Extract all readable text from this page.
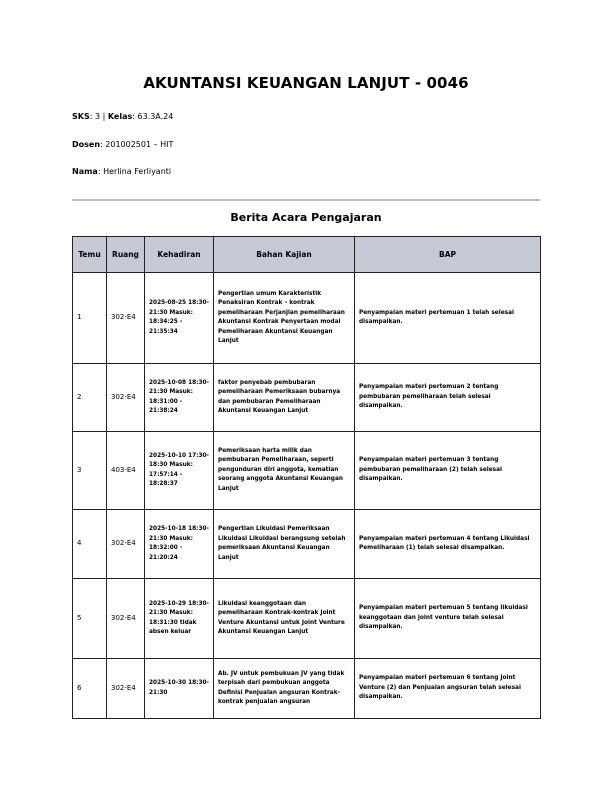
AKUNTANSI KEUANGAN LANJUT - 0046
SKS: 3 | Kelas: 63.3A.24
Dosen: 201002501 – HIT
Nama: Herlina Ferliyanti
Berita Acara Pengajaran
Temu	Ruang	Kehadiran	Bahan Kajian	BAP
1	302-E4	2025-08-25 18:30-21:30 Masuk: 18:34:25 - 21:35:34	Pengertian umum Karakteristik Penaksiran Kontrak – kontrak pemeliharaan Perjanjian pemeliharaan Akuntansi Kontrak Penyertaan modal Pemeliharaan Akuntansi Keuangan Lanjut	Penyampaian materi pertemuan 1 telah selesai disampaikan.
2	302-E4	2025-10-08 18:30-21:30 Masuk: 18:31:00 - 21:38:24	faktor penyebab pembubaran pemeliharaan Pemeriksaan bubarnya dan pembubaran Pemeliharaan Akuntansi Keuangan Lanjut	Penyampaian materi pertemuan 2 tentang pembubaran pemeliharaan telah selesai disampaikan.
3	403-E4	2025-10-10 17:30-18:30 Masuk: 17:57:14 - 18:28:37	Pemeriksaan harta milik dan pembubaran Pemeliharaan, seperti pengunduran diri anggota, kematian seorang anggota Akuntansi Keuangan Lanjut	Penyampaian materi pertemuan 3 tentang pembubaran pemeliharaan (2) telah selesai disampaikan.
4	302-E4	2025-10-18 18:30-21:30 Masuk: 18:32:00 - 21:20:24	Pengertian Likuidasi Pemeriksaan Likuidasi Likuidasi berangsung setelah pemeriksaan Akuntansi Keuangan Lanjut	Penyampaian materi pertemuan 4 tentang Likuidasi Pemeliharaan (1) telah selesai disampaikan.
5	302-E4	2025-10-29 18:30-21:30 Masuk: 18:31:30 tidak absen keluar	Likuidasi keanggotaan dan pemeliharaan Kontrak-kontrak Joint Venture Akuntansi untuk Joint Venture Akuntansi Keuangan Lanjut	Penyampaian materi pertemuan 5 tentang likuidasi keanggotaan dan joint venture telah selesai disampaikan.
6	302-E4	2025-10-30 18:30-21:30	Ab. JV untuk pembukuan JV yang tidak terpisah dari pembukuan anggota Definisi Penjualan angsuran Kontrak-kontrak penjualan angsuran	Penyampaian materi pertemuan 6 tentang Joint Venture (2) dan Penjualan angsuran telah selesai disampaikan.
